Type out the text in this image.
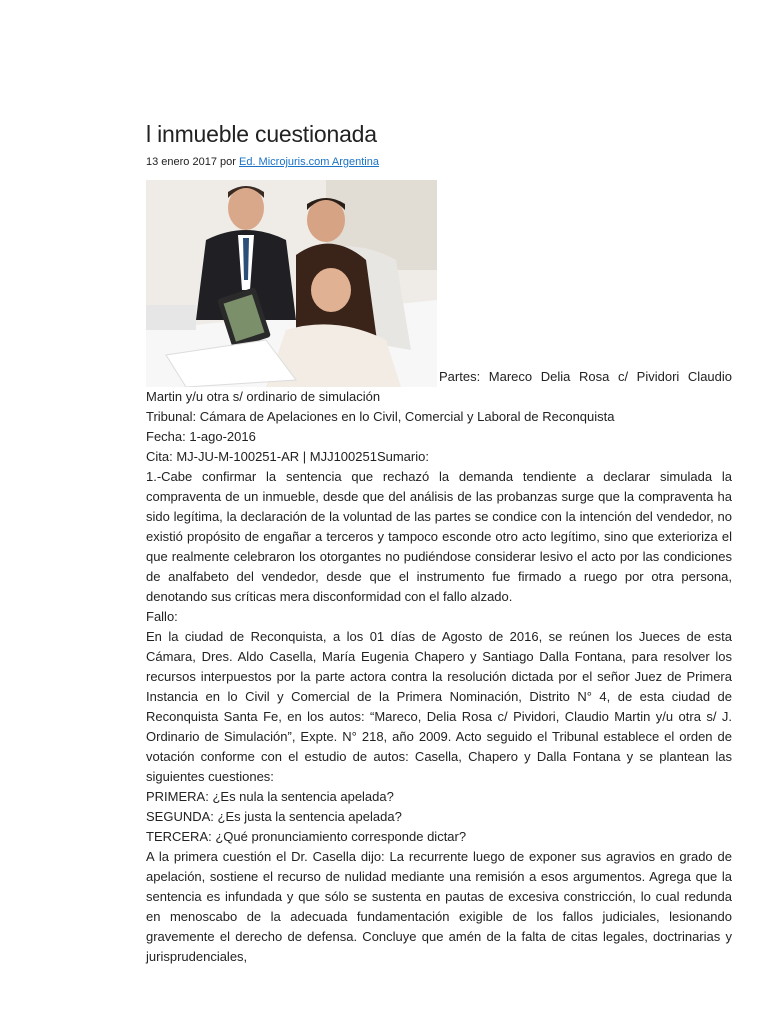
l inmueble cuestionada
13 enero 2017 por Ed. Microjuris.com Argentina
Partes: Mareco Delia Rosa c/ Pividori Claudio

Martin y/u otra s/ ordinario de simulación

Tribunal: Cámara de Apelaciones en lo Civil, Comercial y Laboral de Reconquista

Fecha: 1-ago-2016

Cita: MJ-JU-M-100251-AR | MJJ100251Sumario:

1.-Cabe confirmar la sentencia que rechazó la demanda tendiente a declarar simulada la compraventa de un inmueble, desde que del análisis de las probanzas surge que la compraventa ha sido legítima, la declaración de la voluntad de las partes se condice con la intención del vendedor, no existió propósito de engañar a terceros y tampoco esconde otro acto legítimo, sino que exterioriza el que realmente celebraron los otorgantes no pudiéndose considerar lesivo el acto por las condiciones de analfabeto del vendedor, desde que el instrumento fue firmado a ruego por otra persona, denotando sus críticas mera disconformidad con el fallo alzado.

Fallo:

En la ciudad de Reconquista, a los 01 días de Agosto de 2016, se reúnen los Jueces de esta Cámara, Dres. Aldo Casella, María Eugenia Chapero y Santiago Dalla Fontana, para resolver los recursos interpuestos por la parte actora contra la resolución dictada por el señor Juez de Primera Instancia en lo Civil y Comercial de la Primera Nominación, Distrito N° 4, de esta ciudad de Reconquista Santa Fe, en los autos: “Mareco, Delia Rosa c/ Pividori, Claudio Martin y/u otra s/ J. Ordinario de Simulación”, Expte. N° 218, año 2009. Acto seguido el Tribunal establece el orden de votación conforme con el estudio de autos: Casella, Chapero y Dalla Fontana y se plantean las siguientes cuestiones:

PRIMERA: ¿Es nula la sentencia apelada?

SEGUNDA: ¿Es justa la sentencia apelada?

TERCERA: ¿Qué pronunciamiento corresponde dictar?

A la primera cuestión el Dr. Casella dijo: La recurrente luego de exponer sus agravios en grado de apelación, sostiene el recurso de nulidad mediante una remisión a esos argumentos. Agrega que la sentencia es infundada y que sólo se sustenta en pautas de excesiva constricción, lo cual redunda en menoscabo de la adecuada fundamentación exigible de los fallos judiciales, lesionando gravemente el derecho de defensa. Concluye que amén de la falta de citas legales, doctrinarias y jurisprudenciales,
